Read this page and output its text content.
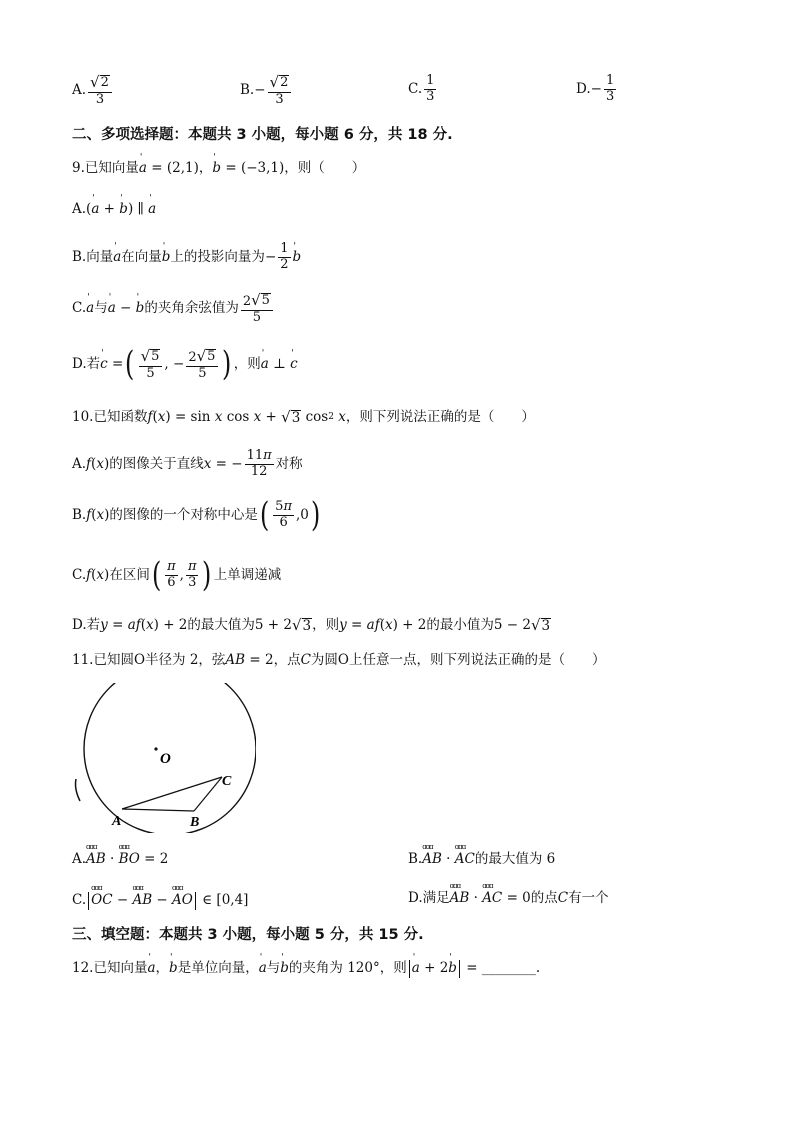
A. $\frac{√ 2}{3}$	B. − $\frac{√ 2}{3}$	C. $\frac{1}{3}$	D. − $\frac{1}{3}$
二、多项选择题：本题共 3 小题，每小题 6 分，共 18 分.
9.已知向量 ' a = (2,1) ， ' b = (−3,1) ，则（　　）
A. ( ' a + ' b ) ∥ ' a
B.向量 ' a 在向量 ' b 上的投影向量为 − $\frac{1}{2}$ ' b
C. ' a 与 ' a − ' b 的夹角余弦值为 $\frac{2 √ 5}{5}$
D.若 ' c = ( $\frac{√ 5}{5}$ , − $\frac{2 √ 5}{5}$ ) ，则 ' a ⊥ ' c
10.已知函数 f ( x ) = sin x cos x + √ 3 cos 2
x ，则下列说法正确的是（　　）
A. f ( x ) 的图像关于直线 x = − $\frac{11\pi}{12}$ 对称
B. f ( x ) 的图像的一个对称中心是 ( $\frac{5\pi}{6} ,0$ )
C. f ( x ) 在区间 ( $\frac{\pi}{6}$ , $\frac{\pi}{3}$ ) 上单调递减
D.若 y = af ( x ) + 2 的最大值为 5 + 2 √ 3 ，则 y = af ( x ) + 2 的最小值为 5 − 2 √ 3
11.已知圆O半径为 2，弦 AB = 2 ，点 C 为圆O上任意一点，则下列说法正确的是（　　）
O
A	B
C
A. ɑɑɑ AB · ɑɑɑ BO = 2	B. ɑɑɑ AB · ɑɑɑ AC 的最大值为 6
C. ɑɑɑ OC − ɑɑɑ AB − ɑɑɑ AO ∈ [0,4]	D.满足 ɑɑɑ AB · ɑɑɑ AC = 0 的点 C 有一个
三、填空题：本题共 3 小题，每小题 5 分，共 15 分.
12.已知向量 ' a ， ' b 是单位向量， ' a 与 ' b 的夹角为 120°，则 ' a + 2 ' b = ________.
